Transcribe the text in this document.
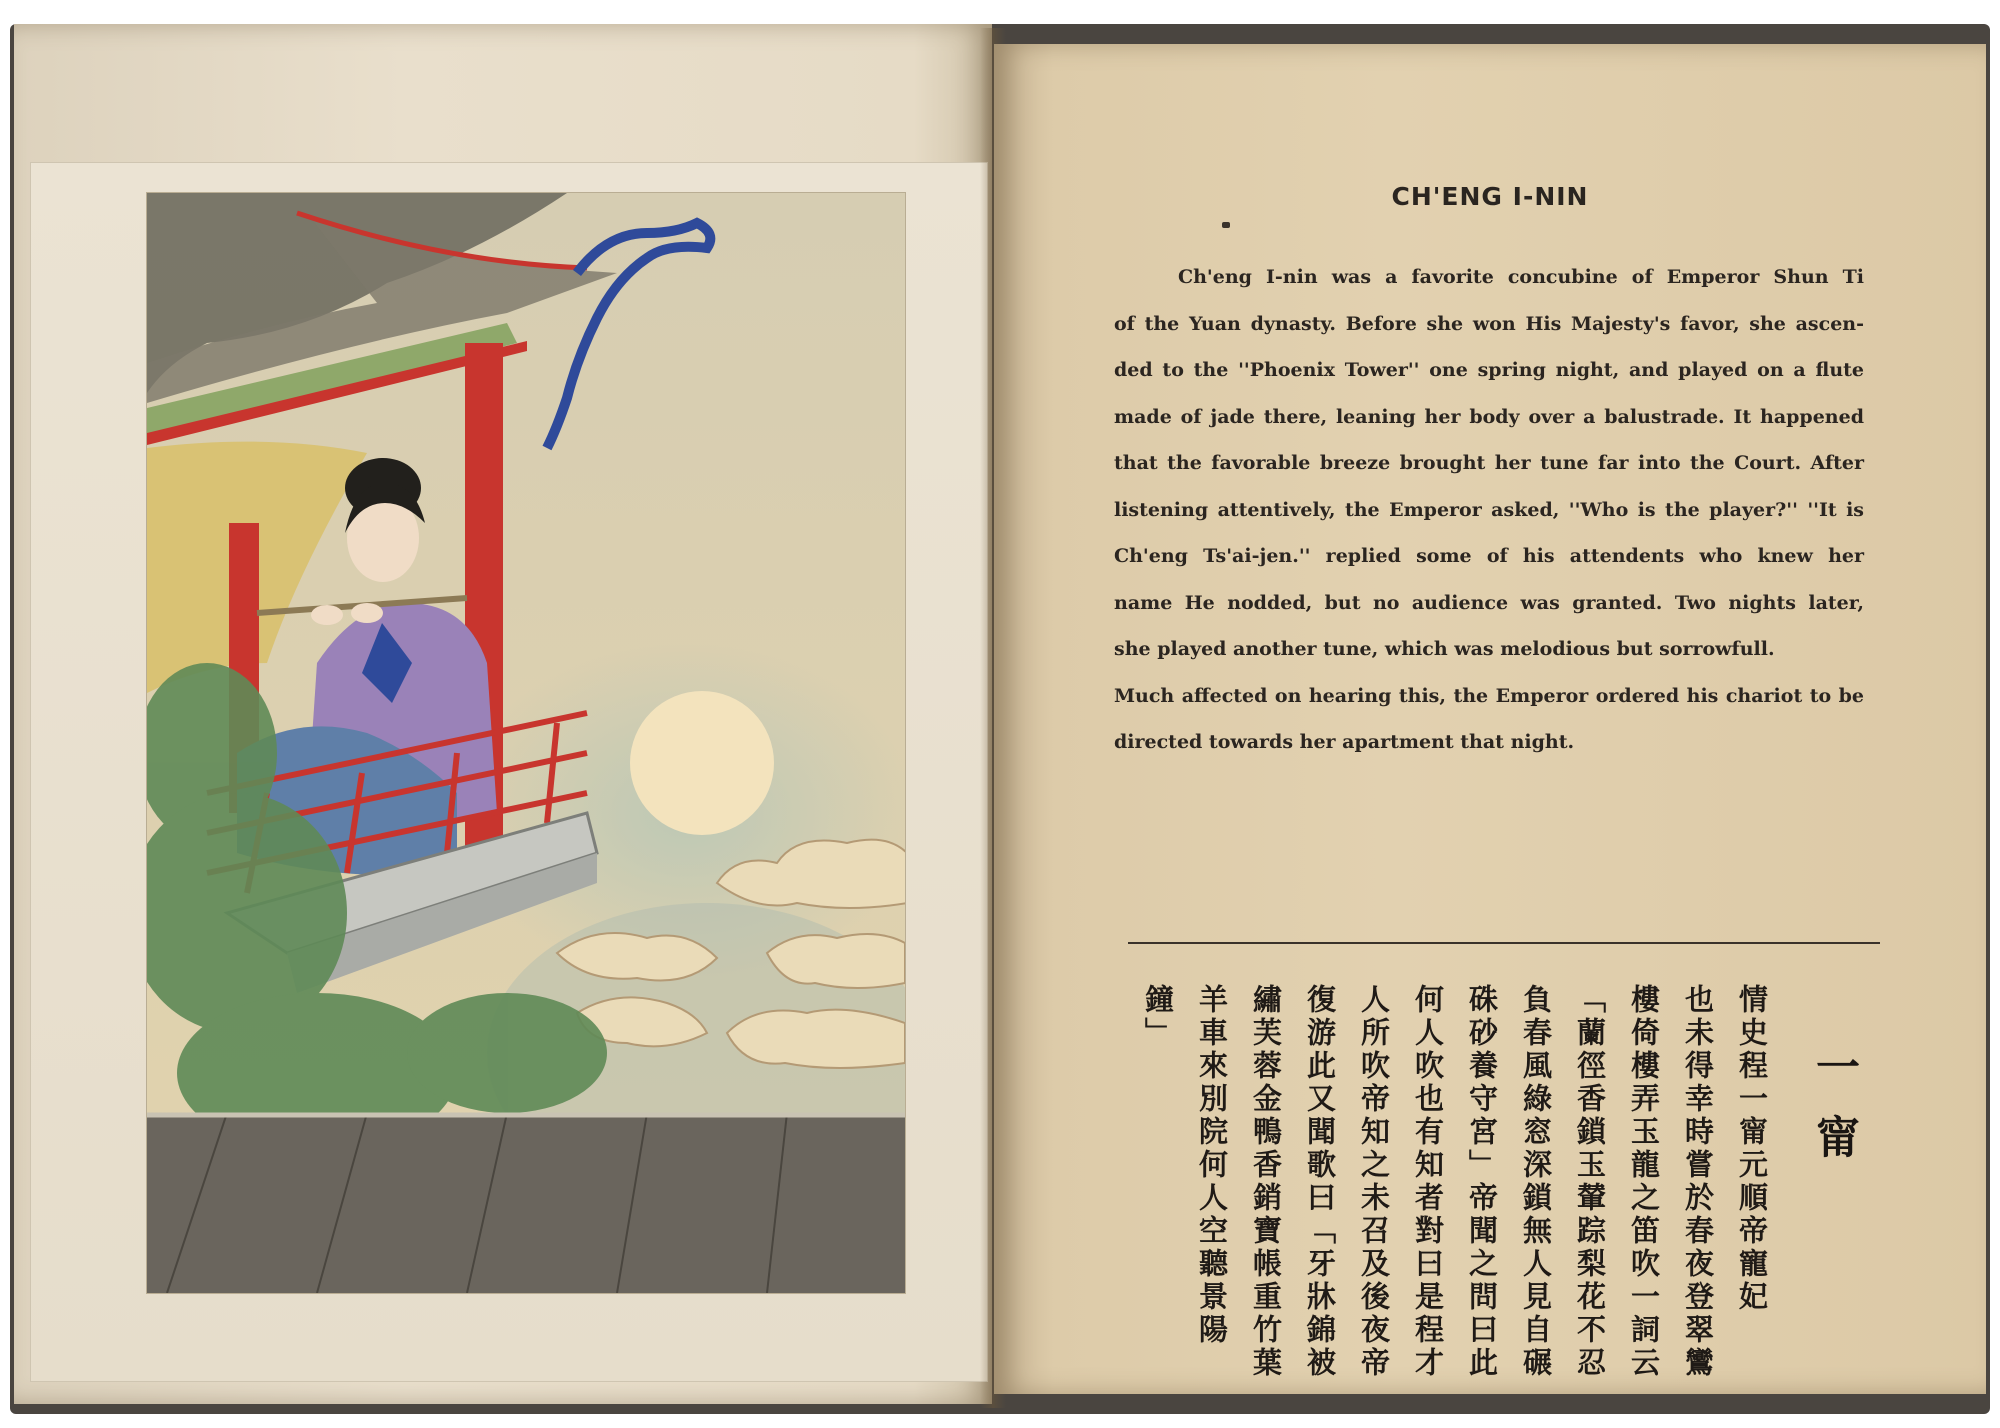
CH'ENG I-NIN
Ch'eng I-nin was a favorite concubine of Emperor Shun Ti
of the Yuan dynasty. Before she won His Majesty's favor, she ascen-
ded to the ''Phoenix Tower'' one spring night, and played on a flute
made of jade there, leaning her body over a balustrade. It happened
that the favorable breeze brought her tune far into the Court. After
listening attentively, the Emperor asked, ''Who is the player?'' ''It is
Ch'eng Ts'ai-jen.'' replied some of his attendents who knew her
name He nodded, but no audience was granted. Two nights later,
she played another tune, which was melodious but sorrowfull.
Much affected on hearing this, the Emperor ordered his chariot to be
directed towards her apartment that night.
一甯
情史程一甯元順帝寵妃
也未得幸時嘗於春夜登翠鸞
樓倚樓弄玉龍之笛吹一詞云
「蘭徑香鎖玉輦踪梨花不忍
負春風綠窓深鎖無人見自碾
硃砂養守宮」帝聞之問曰此
何人吹也有知者對曰是程才
人所吹帝知之未召及後夜帝
復游此又聞歌曰「牙牀錦被
繡芙蓉金鴨香銷寶帳重竹葉
羊車來別院何人空聽景陽
鐘」
